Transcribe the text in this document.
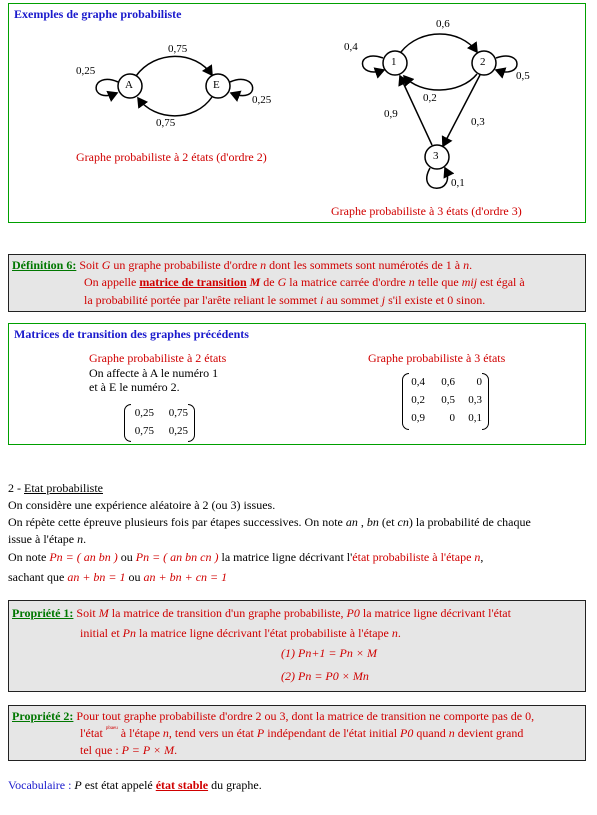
Exemples de graphe probabiliste
A	E
0,25
0,75
0,25
0,75
Graphe probabiliste à 2 états (d'ordre 2)
1	2
3
0,4
0,6
0,5
0,2
0,9
0,3
0,1
Graphe probabiliste à 3 états (d'ordre 3)
Définition 6: Soit G un graphe probabiliste d'ordre n dont les sommets sont numérotés de 1 à n.
On appelle matrice de transition M de G la matrice carrée d'ordre n telle que mij est égal à
la probabilité portée par l'arête reliant le sommet i au sommet j s'il existe et 0 sinon.
Matrices de transition des graphes précédents
Graphe probabiliste à 2 états
On affecte à A le numéro 1
et à E le numéro 2.
Graphe probabiliste à 3 états
0,25 0,75
0,75 0,25
0,4 0,6 0
0,2 0,5 0,3
0,9 0 0,1
2 - Etat probabiliste
On considère une expérience aléatoire à 2 (ou 3) issues.
On répète cette épreuve plusieurs fois par étapes successives. On note an , bn (et cn) la probabilité de chaque
issue à l'étape n.
On note Pn = ( an bn ) ou Pn = ( an bn cn ) la matrice ligne décrivant l'état probabiliste à l'étape n,
sachant que an + bn = 1 ou an + bn + cn = 1
Propriété 1: Soit M la matrice de transition d'un graphe probabiliste, P0 la matrice ligne décrivant l'état
initial et Pn la matrice ligne décrivant l'état probabiliste à l'étape n.
(1) Pn+1 = Pn × M
(2) Pn = P0 × Mn
Propriété 2: Pour tout graphe probabiliste d'ordre 2 ou 3, dont la matrice de transition ne comporte pas de 0,
l'état $^{pbaeu}$ à l'étape n, tend vers un état P indépendant de l'état initial P0 quand n devient grand
tel que : P = P × M.
Vocabulaire : P est état appelé état stable du graphe.
